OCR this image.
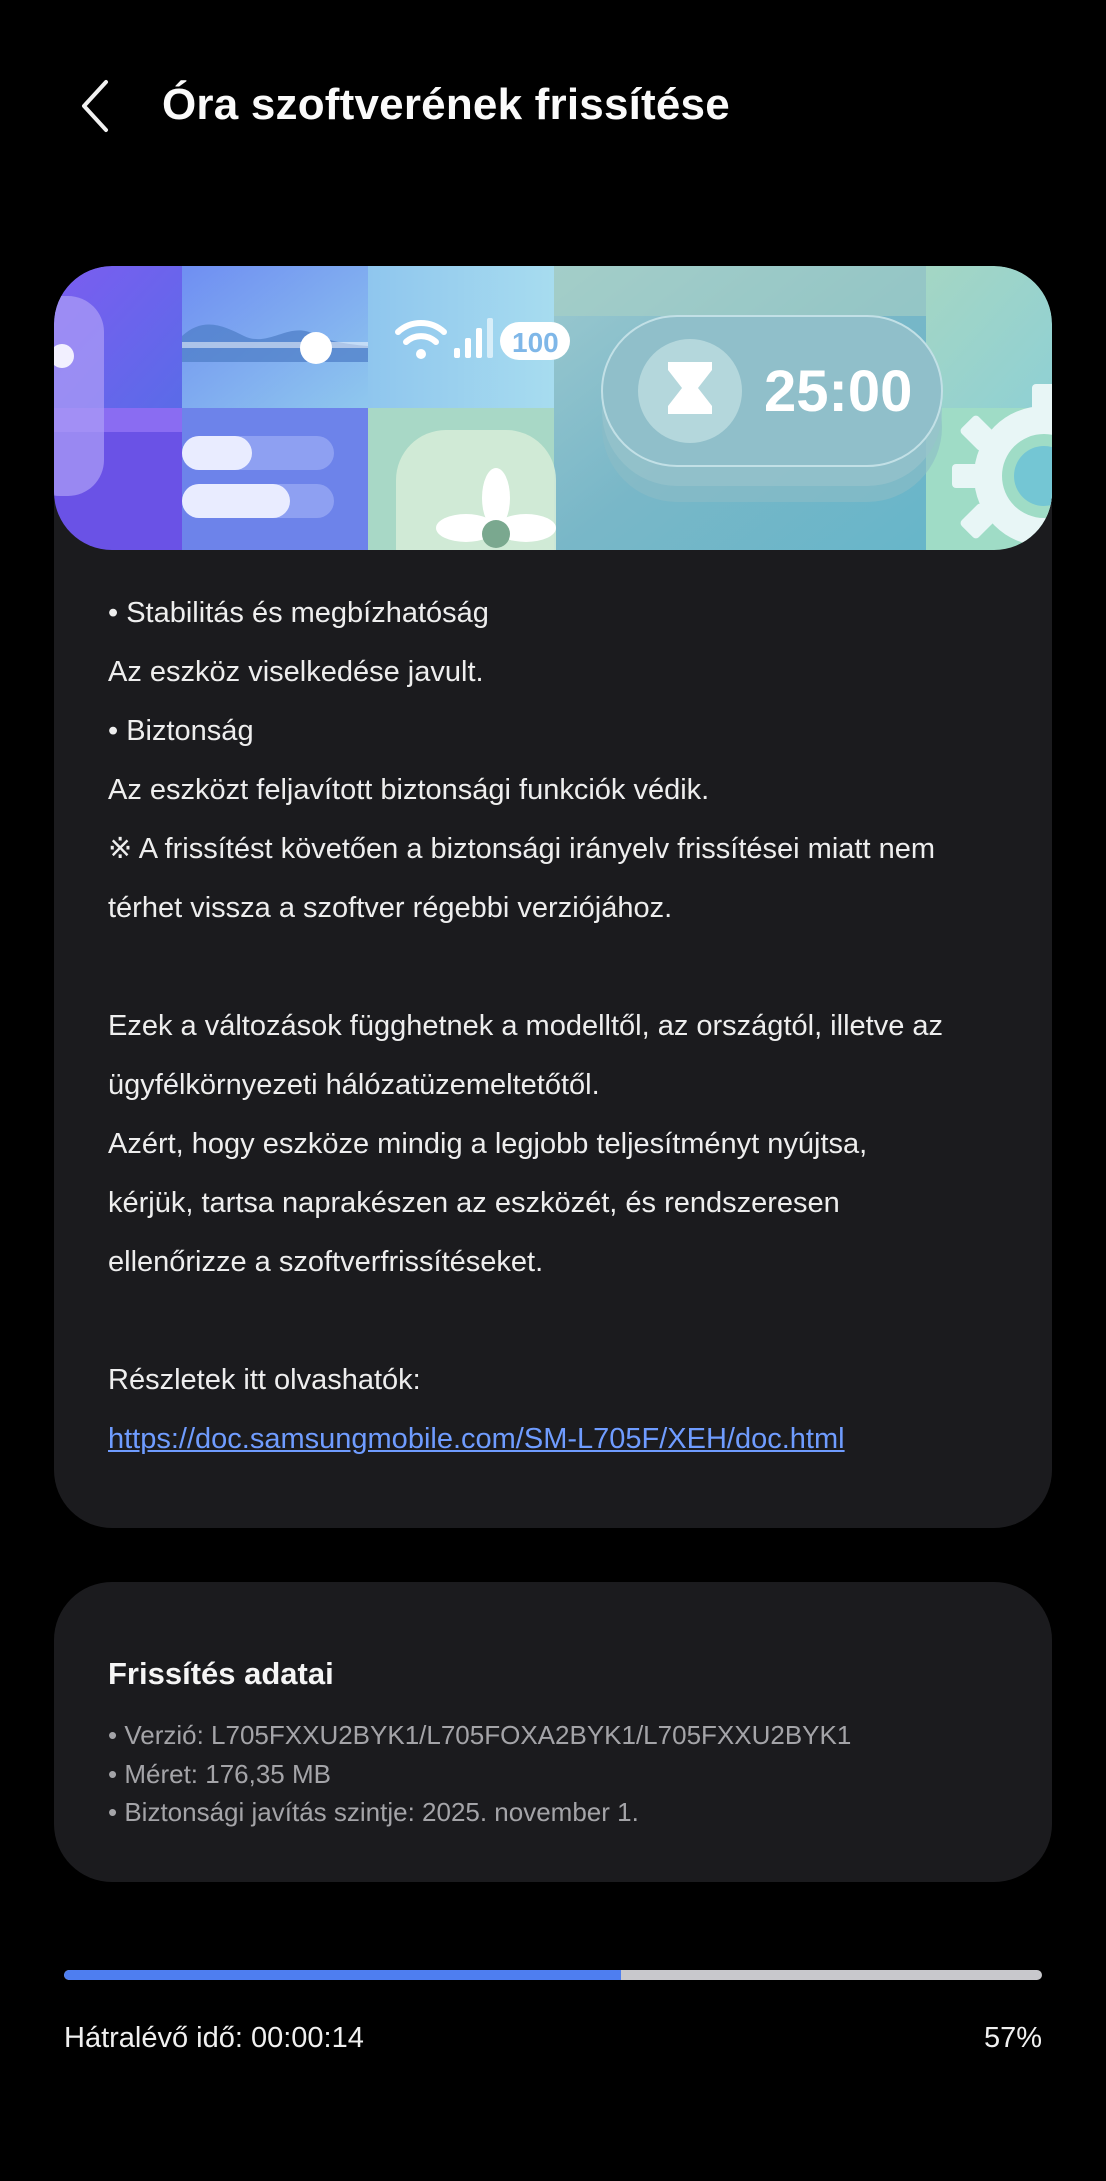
Óra szoftverének frissítése
100
25:00
• Stabilitás és megbízhatóság
Az eszköz viselkedése javult.
• Biztonság
Az eszközt feljavított biztonsági funkciók védik.
※ A frissítést követően a biztonsági irányelv frissítései miatt nem
térhet vissza a szoftver régebbi verziójához.
Ezek a változások függhetnek a modelltől, az országtól, illetve az
ügyfélkörnyezeti hálózatüzemeltetőtől.
Azért, hogy eszköze mindig a legjobb teljesítményt nyújtsa,
kérjük, tartsa naprakészen az eszközét, és rendszeresen
ellenőrizze a szoftverfrissítéseket.
Részletek itt olvashatók:
https://doc.samsungmobile.com/SM-L705F/XEH/doc.html
Frissítés adatai
• Verzió: L705FXXU2BYK1/L705FOXA2BYK1/L705FXXU2BYK1
• Méret: 176,35 MB
• Biztonsági javítás szintje: 2025. november 1.
Hátralévő idő: 00:00:14	57%
